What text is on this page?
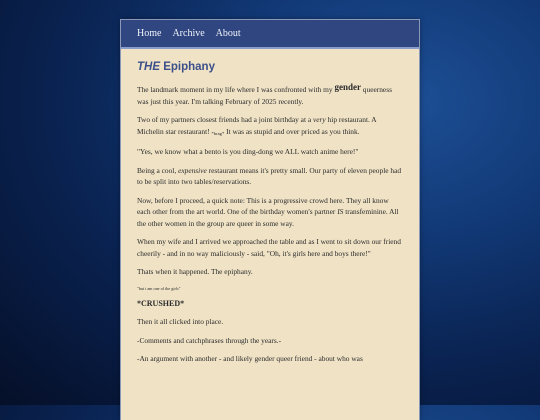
Home Archive About
THE Epiphany

The landmark moment in my life where I was confronted with my gender queerness was just this year. I'm talking February of 2025 recently.

Two of my partners closest friends had a joint birthday at a very hip restaurant. A Michelin star restaurant! *brag* It was as stupid and over priced as you think.

"Yes, we know what a bento is you ding-dong we ALL watch anime here!"

Being a cool, expensive restaurant means it's pretty small. Our party of eleven people had to be split into two tables/reservations.

Now, before I proceed, a quick note: This is a progressive crowd here. They all know each other from the art world. One of the birthday women's partner IS transfeminine. All the other women in the group are queer in some way.

When my wife and I arrived we approached the table and as I went to sit down our friend cheerily - and in no way maliciously - said, "Oh, it's girls here and boys there!"

Thats when it happened. The epiphany.

"but i am one of the girls"

*CRUSHED*

Then it all clicked into place.

-Comments and catchphrases through the years.-

-An argument with another - and likely gender queer friend - about who was
